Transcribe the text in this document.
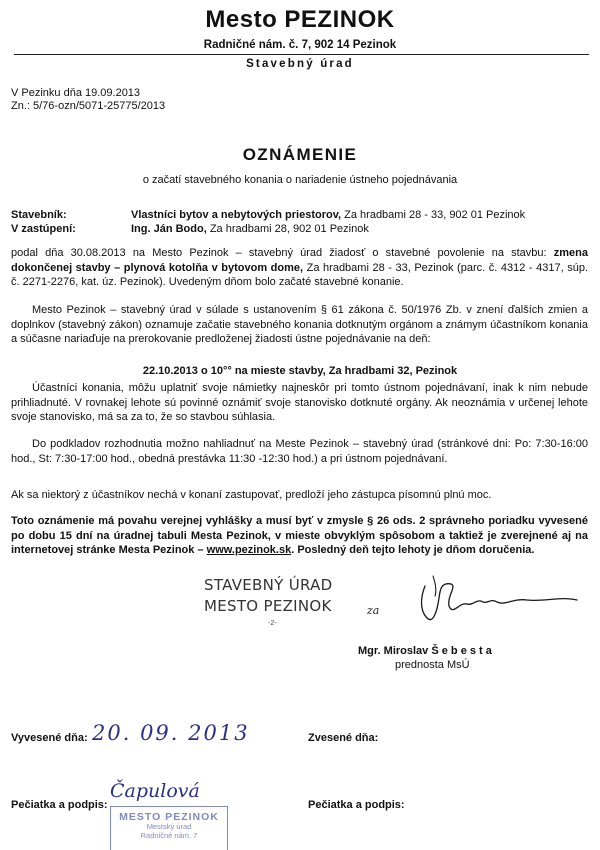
Mesto PEZINOK
Radničné nám. č. 7, 902 14 Pezinok
Stavebný úrad
V Pezinku dňa 19.09.2013
Zn.: 5/76-ozn/5071-25775/2013
OZNÁMENIE
o začatí stavebného konania o nariadenie ústneho pojednávania
Stavebník:	Vlastníci bytov a nebytových priestorov, Za hradbami 28 - 33, 902 01 Pezinok
V zastúpení:	Ing. Ján Bodo, Za hradbami 28, 902 01 Pezinok
podal dňa 30.08.2013 na Mesto Pezinok – stavebný úrad žiadosť o stavebné povolenie na stavbu: zmena dokončenej stavby – plynová kotolňa v bytovom dome, Za hradbami 28 - 33, Pezinok (parc. č. 4312 - 4317, súp. č. 2271-2276, kat. úz. Pezinok). Uvedeným dňom bolo začaté stavebné konanie.
Mesto Pezinok – stavebný úrad v súlade s ustanovením § 61 zákona č. 50/1976 Zb. v znení ďalších zmien a doplnkov (stavebný zákon) oznamuje začatie stavebného konania dotknutým orgánom a známym účastníkom konania a súčasne nariaďuje na prerokovanie predloženej žiadosti ústne pojednávanie na deň:
22.10.2013 o 10°° na mieste stavby, Za hradbami 32, Pezinok
Účastníci konania, môžu uplatniť svoje námietky najneskôr pri tomto ústnom pojednávaní, inak k nim nebude prihliadnuté. V rovnakej lehote sú povinné oznámiť svoje stanovisko dotknuté orgány. Ak neoznámia v určenej lehote svoje stanovisko, má sa za to, že so stavbou súhlasia.
Do podkladov rozhodnutia možno nahliadnuť na Meste Pezinok – stavebný úrad (stránkové dni: Po: 7:30-16:00 hod., St: 7:30-17:00 hod., obedná prestávka 11:30 -12:30 hod.) a pri ústnom pojednávaní.
Ak sa niektorý z účastníkov nechá v konaní zastupovať, predloží jeho zástupca písomnú plnú moc.
Toto oznámenie má povahu verejnej vyhlášky a musí byť v zmysle § 26 ods. 2 správneho poriadku vyvesené po dobu 15 dní na úradnej tabuli Mesta Pezinok, v mieste obvyklým spôsobom a taktiež je zverejnené aj na internetovej stránke Mesta Pezinok – www.pezinok.sk. Posledný deň tejto lehoty je dňom doručenia.
STAVEBNÝ ÚRAD
MESTO PEZINOK
-2-
za
Mgr. Miroslav Š e b e s t a
prednosta MsÚ
Vyvesené dňa: 20. 09. 2013	Zvesené dňa:
Pečiatka a podpis:	Pečiatka a podpis:
Čapulová
MESTO PEZINOK
Mestský úrad
Radničné nám. 7
